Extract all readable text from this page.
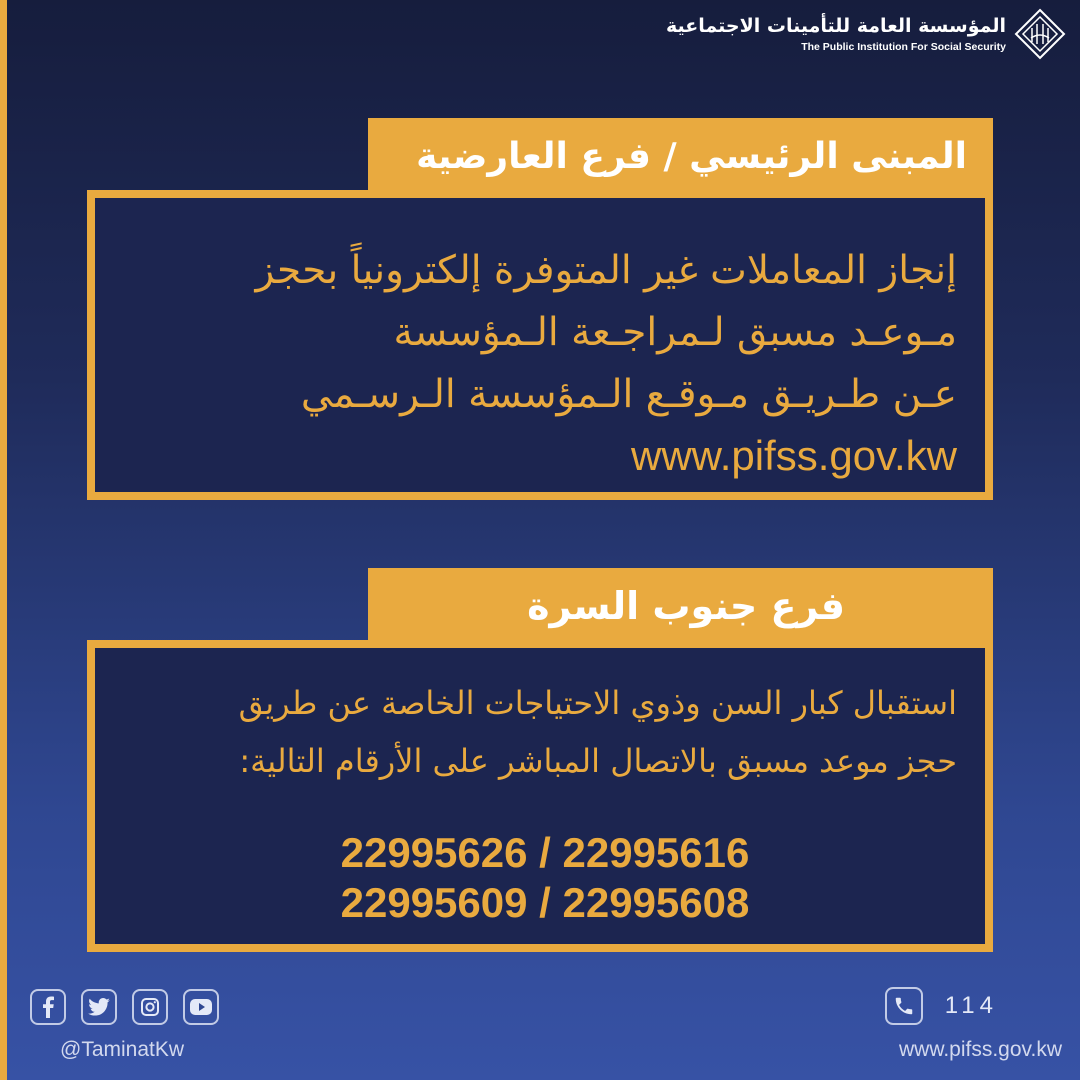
المؤسسة العامة للتأمينات الاجتماعية
The Public Institution For Social Security
إنجاز المعاملات غير المتوفرة إلكترونياً بحجز
مـوعـد مسبق لـمراجـعة الـمؤسسة
عـن طـريـق مـوقـع الـمؤسسة الـرسـمي
www.pifss.gov.kw
المبنى الرئيسي / فرع العارضية
استقبال كبار السن وذوي الاحتياجات الخاصة عن طريق
حجز موعد مسبق بالاتصال المباشر على الأرقام التالية:
22995626 / 22995616
22995609 / 22995608
فرع جنوب السرة
@TaminatKw
114
www.pifss.gov.kw
